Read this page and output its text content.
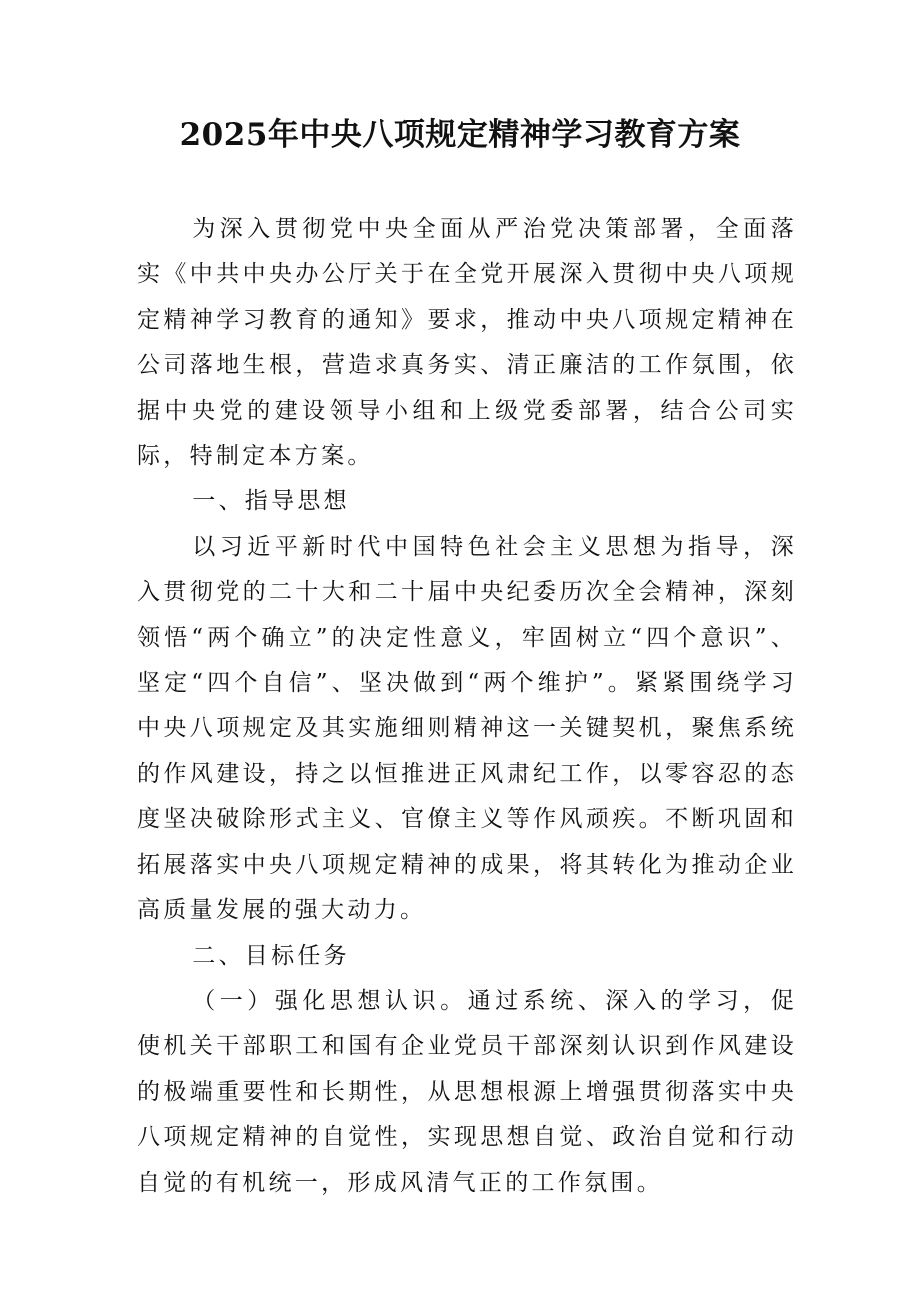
2025年中央八项规定精神学习教育方案

为深入贯彻党中央全面从严治党决策部署，全面落实《中共中央办公厅关于在全党开展深入贯彻中央八项规定精神学习教育的通知》要求，推动中央八项规定精神在公司落地生根，营造求真务实、清正廉洁的工作氛围，依据中央党的建设领导小组和上级党委部署，结合公司实际，特制定本方案。

一、指导思想

以习近平新时代中国特色社会主义思想为指导，深入贯彻党的二十大和二十届中央纪委历次全会精神，深刻领悟“两个确立”的决定性意义，牢固树立“四个意识”、坚定“四个自信”、坚决做到“两个维护”。紧紧围绕学习中央八项规定及其实施细则精神这一关键契机，聚焦系统的作风建设，持之以恒推进正风肃纪工作，以零容忍的态度坚决破除形式主义、官僚主义等作风顽疾。不断巩固和拓展落实中央八项规定精神的成果，将其转化为推动企业高质量发展的强大动力。

二、目标任务

（一）强化思想认识。通过系统、深入的学习，促使机关干部职工和国有企业党员干部深刻认识到作风建设的极端重要性和长期性，从思想根源上增强贯彻落实中央八项规定精神的自觉性，实现思想自觉、政治自觉和行动自觉的有机统一，形成风清气正的工作氛围。
